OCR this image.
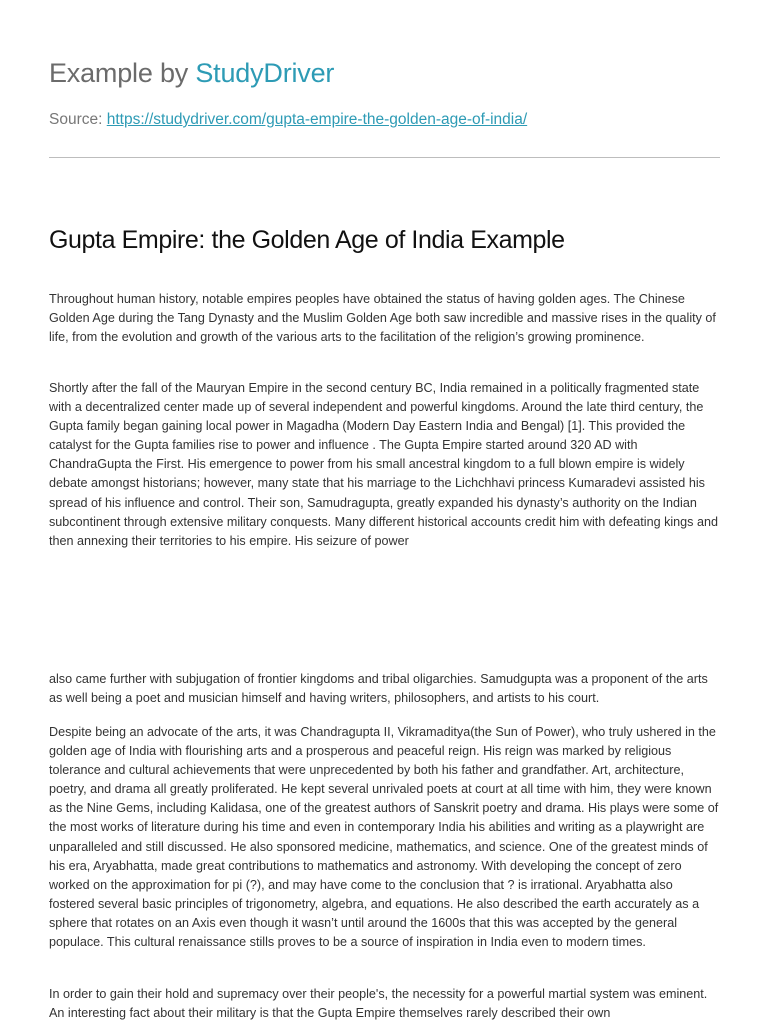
Example by StudyDriver
Source: https://studydriver.com/gupta-empire-the-golden-age-of-india/
Gupta Empire: the Golden Age of India Example

Throughout human history, notable empires peoples have obtained the status of having golden ages. The Chinese Golden Age during the Tang Dynasty and the Muslim Golden Age both saw incredible and massive rises in the quality of life, from the evolution and growth of the various arts to the facilitation of the religion’s growing prominence.

Shortly after the fall of the Mauryan Empire in the second century BC, India remained in a politically fragmented state with a decentralized center made up of several independent and powerful kingdoms. Around the late third century, the Gupta family began gaining local power in Magadha (Modern Day Eastern India and Bengal) [1]. This provided the catalyst for the Gupta families rise to power and influence . The Gupta Empire started around 320 AD with ChandraGupta the First. His emergence to power from his small ancestral kingdom to a full blown empire is widely debate amongst historians; however, many state that his marriage to the Lichchhavi princess Kumaradevi assisted his spread of his influence and control. Their son, Samudragupta, greatly expanded his dynasty’s authority on the Indian subcontinent through extensive military conquests. Many different historical accounts credit him with defeating kings and then annexing their territories to his empire. His seizure of power

also came further with subjugation of frontier kingdoms and tribal oligarchies. Samudgupta was a proponent of the arts as well being a poet and musician himself and having writers, philosophers, and artists to his court.

Despite being an advocate of the arts, it was Chandragupta II, Vikramaditya(the Sun of Power), who truly ushered in the golden age of India with flourishing arts and a prosperous and peaceful reign. His reign was marked by religious tolerance and cultural achievements that were unprecedented by both his father and grandfather. Art, architecture, poetry, and drama all greatly proliferated. He kept several unrivaled poets at court at all time with him, they were known as the Nine Gems, including Kalidasa, one of the greatest authors of Sanskrit poetry and drama. His plays were some of the most works of literature during his time and even in contemporary India his abilities and writing as a playwright are unparalleled and still discussed. He also sponsored medicine, mathematics, and science. One of the greatest minds of his era, Aryabhatta, made great contributions to mathematics and astronomy. With developing the concept of zero worked on the approximation for pi (?), and may have come to the conclusion that ? is irrational. Aryabhatta also fostered several basic principles of trigonometry, algebra, and equations. He also described the earth accurately as a sphere that rotates on an Axis even though it wasn’t until around the 1600s that this was accepted by the general populace. This cultural renaissance stills proves to be a source of inspiration in India even to modern times.

In order to gain their hold and supremacy over their people's, the necessity for a powerful martial system was eminent. An interesting fact about their military is that the Gupta Empire themselves rarely described their own
